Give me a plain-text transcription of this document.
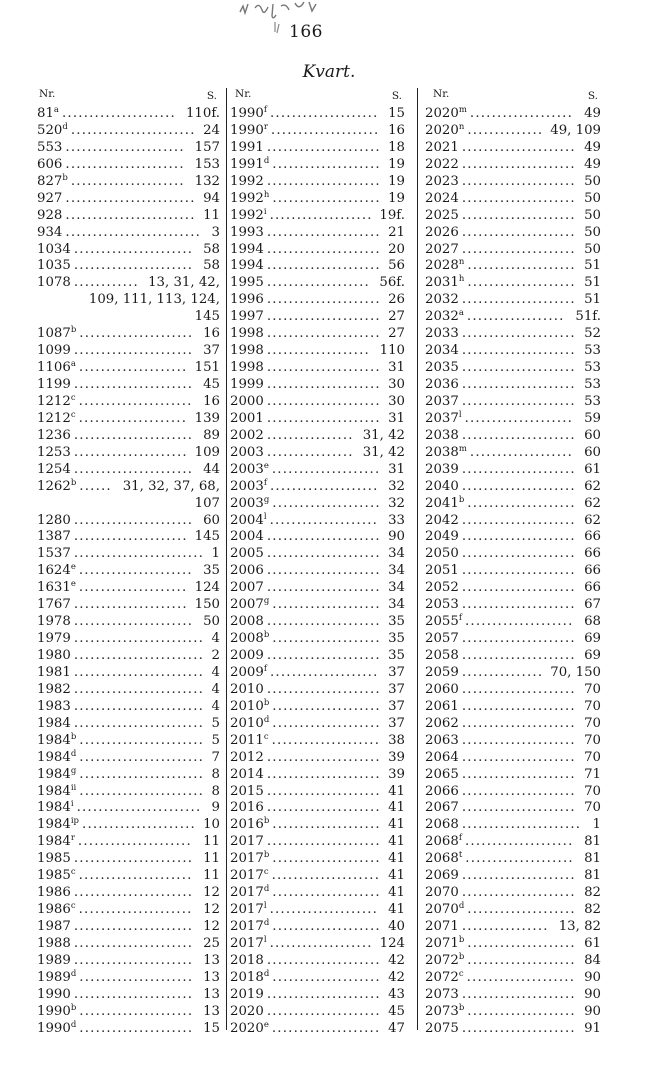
166
Kvart.
Nr.	S.
81$^a$	110f.
.....................
520$^d$	24
.......................
553	157
......................
606	153
......................
827$^b$	132
.....................
927	94
........................
928	11
........................
934	3
.........................
1034	58
......................
1035	58
......................
1078	13, 31, 42,
............
109, 111, 113, 124,
145
1087$^b$	16
.....................
1099	37
......................
1106$^a$	151
....................
1199	45
......................
1212$^c$	16
.....................
1212$^c$	139
....................
1236	89
......................
1253	109
.....................
1254	44
......................
1262$^b$	31, 32, 37, 68,
......
107
1280	60
......................
1387	145
.....................
1537	1
........................
1624e	35
.....................
1631e	124
....................
1767	150
.....................
1978	50
......................
1979	4
........................
1980	2
........................
1981	4
........................
1982	4
........................
1983	4
........................
1984	5
........................
1984$^b$	5
.......................
1984$^d$	7
.......................
1984$^g$	8
.......................
1984$^{ii}$	8
.......................
1984$^i$	9
.......................
$1984^{ip}$	10
.....................
1984$^r$	11
.....................
1985	11
......................
1985$^c$	11
.....................
1986	12
......................
1986$^c$	12
.....................
1987	12
......................
1988	25
......................
1989	13
......................
1989$^d$	13
.....................
1990	13
......................
1990$^b$	13
.....................
1990$^d$	15
.....................
Nr.	S.
1990$^f$	15
....................
1990$^r$	16
....................
1991	18
.....................
1991$^d$	19
....................
1992	19
.....................
1992$^h$	19
....................
1992$^i$	19f.
...................
1993	21
.....................
1994	20
.....................
1994	56
.....................
1995	56f.
...................
1996	26
.....................
1997	27
.....................
1998	27
.....................
1998	110
...................
1998	31
.....................
1999	30
.....................
2000	30
.....................
2001	31
.....................
2002	31, 42
................
2003	31, 42
................
2003e	31
....................
2003$^f$	32
....................
2003$^g$	32
....................
2004$^l$	33
....................
2004	90
.....................
2005	34
.....................
2006	34
.....................
2007	34
.....................
2007$^g$	34
....................
2008	35
.....................
2008$^b$	35
....................
2009	35
.....................
2009$^f$	37
....................
2010	37
.....................
2010$^b$	37
....................
2010$^d$	37
....................
2011$^c$	38
....................
2012	39
.....................
2014	39
.....................
2015	41
.....................
2016	41
.....................
2016$^b$	41
....................
2017	41
.....................
2017$^b$	41
....................
2017$^c$	41
....................
2017$^d$	41
....................
2017$^l$	41
....................
2017$^d$	40
....................
2017$^l$	124
...................
2018	42
.....................
2018$^d$	42
....................
2019	43
.....................
2020	45
.....................
2020e	47
....................
Nr.	S.
2020$^m$	49
...................
2020$^n$	49, 109
..............
2021	49
.....................
2022	49
.....................
2023	50
.....................
2024	50
.....................
2025	50
.....................
2026	50
.....................
2027	50
.....................
2028$^n$	51
....................
2031$^h$	51
....................
2032	51
.....................
2032$^a$	51f.
..................
2033	52
.....................
2034	53
.....................
2035	53
.....................
2036	53
.....................
2037	53
.....................
2037$^l$	59
....................
2038	60
.....................
2038$^m$	60
...................
2039	61
.....................
2040	62
.....................
2041$^b$	62
....................
2042	62
.....................
2049	66
.....................
2050	66
.....................
2051	66
.....................
2052	66
.....................
2053	67
.....................
2055$^f$	68
....................
2057	69
.....................
2058	69
.....................
2059	70, 150
...............
2060	70
.....................
2061	70
.....................
2062	70
.....................
2063	70
.....................
2064	70
.....................
2065	71
.....................
2066	70
.....................
2067	70
.....................
2068	1
......................
2068$^f$	81
....................
2068$^t$	81
....................
2069	81
.....................
2070	82
.....................
2070$^d$	82
....................
2071	13, 82
................
2071$^b$	61
....................
2072$^b$	84
....................
2072$^c$	90
....................
2073	90
.....................
2073$^b$	90
....................
2075	91
.....................
